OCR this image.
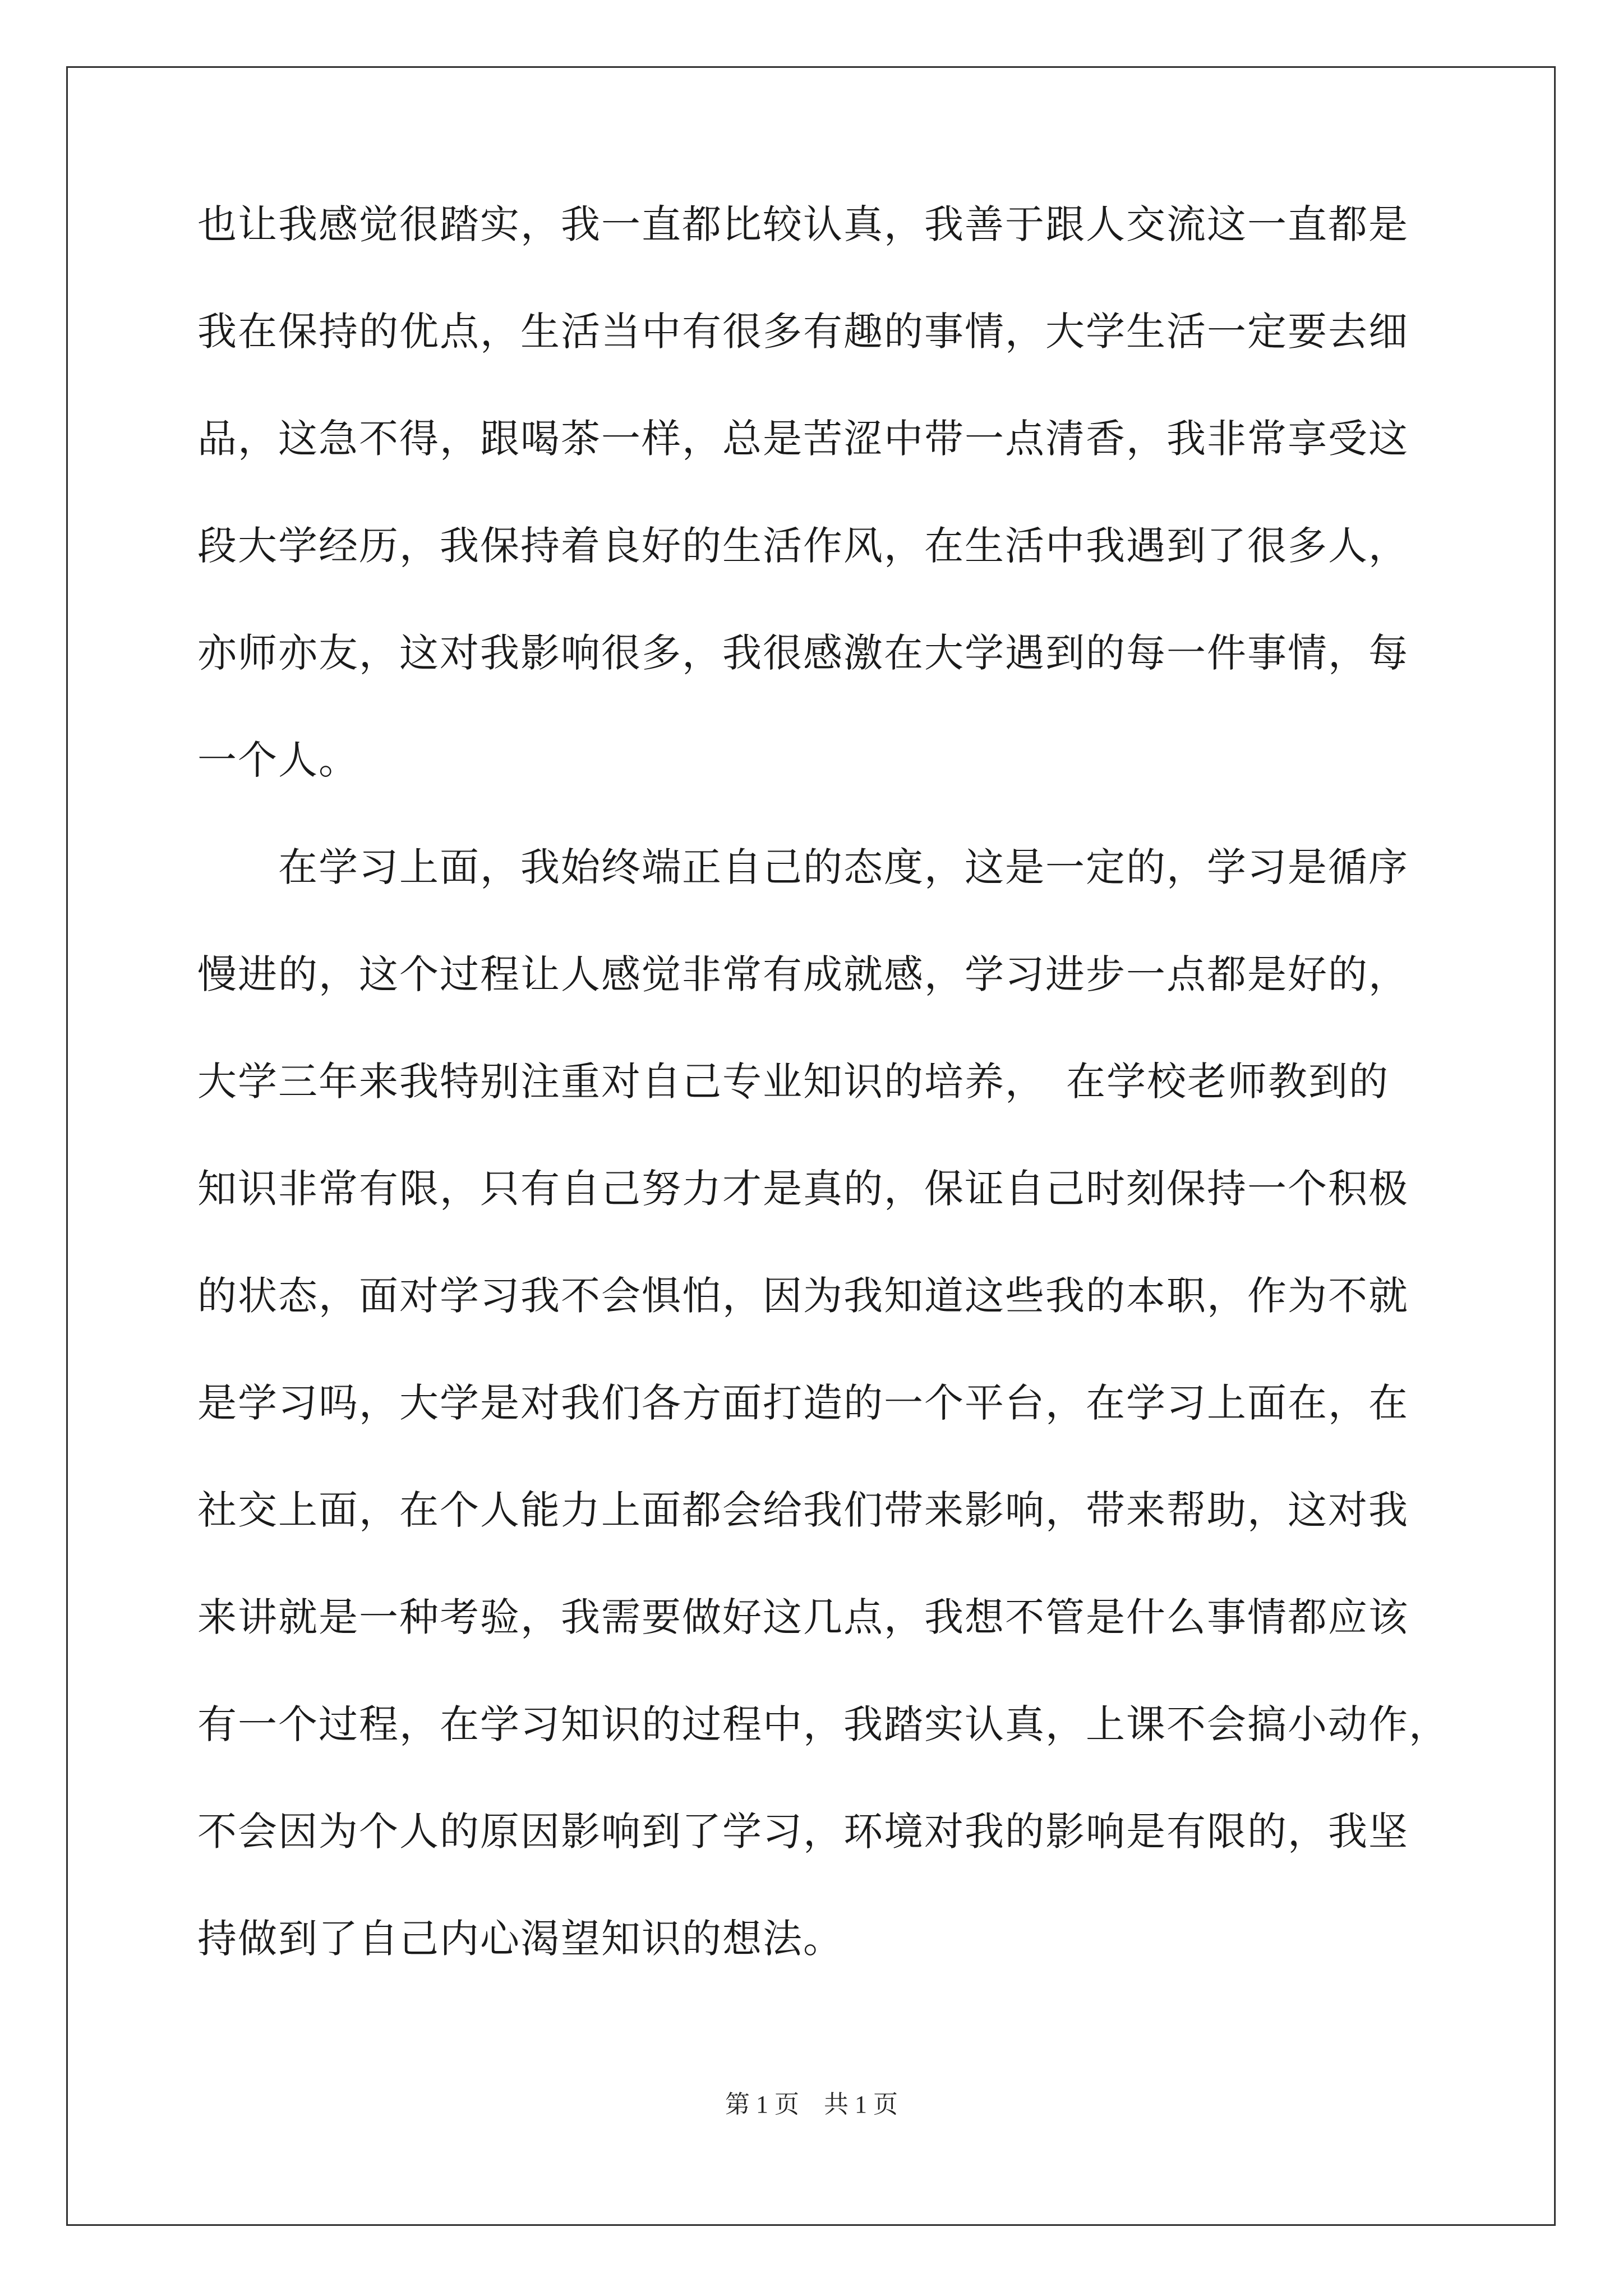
也让我感觉很踏实，我一直都比较认真，我善于跟人交流这一直都是
我在保持的优点，生活当中有很多有趣的事情，大学生活一定要去细
品，这急不得，跟喝茶一样，总是苦涩中带一点清香，我非常享受这
段大学经历，我保持着良好的生活作风，在生活中我遇到了很多人，
亦师亦友，这对我影响很多，我很感激在大学遇到的每一件事情，每
一个人。
　　在学习上面，我始终端正自己的态度，这是一定的，学习是循序
慢进的，这个过程让人感觉非常有成就感，学习进步一点都是好的，
大学三年来我特别注重对自己专业知识的培养，　在学校老师教到的
知识非常有限，只有自己努力才是真的，保证自己时刻保持一个积极
的状态，面对学习我不会惧怕，因为我知道这些我的本职，作为不就
是学习吗，大学是对我们各方面打造的一个平台，在学习上面在，在
社交上面，在个人能力上面都会给我们带来影响，带来帮助，这对我
来讲就是一种考验，我需要做好这几点，我想不管是什么事情都应该
有一个过程，在学习知识的过程中，我踏实认真，上课不会搞小动作，
不会因为个人的原因影响到了学习，环境对我的影响是有限的，我坚
持做到了自己内心渴望知识的想法。
第 1 页 共 1 页
